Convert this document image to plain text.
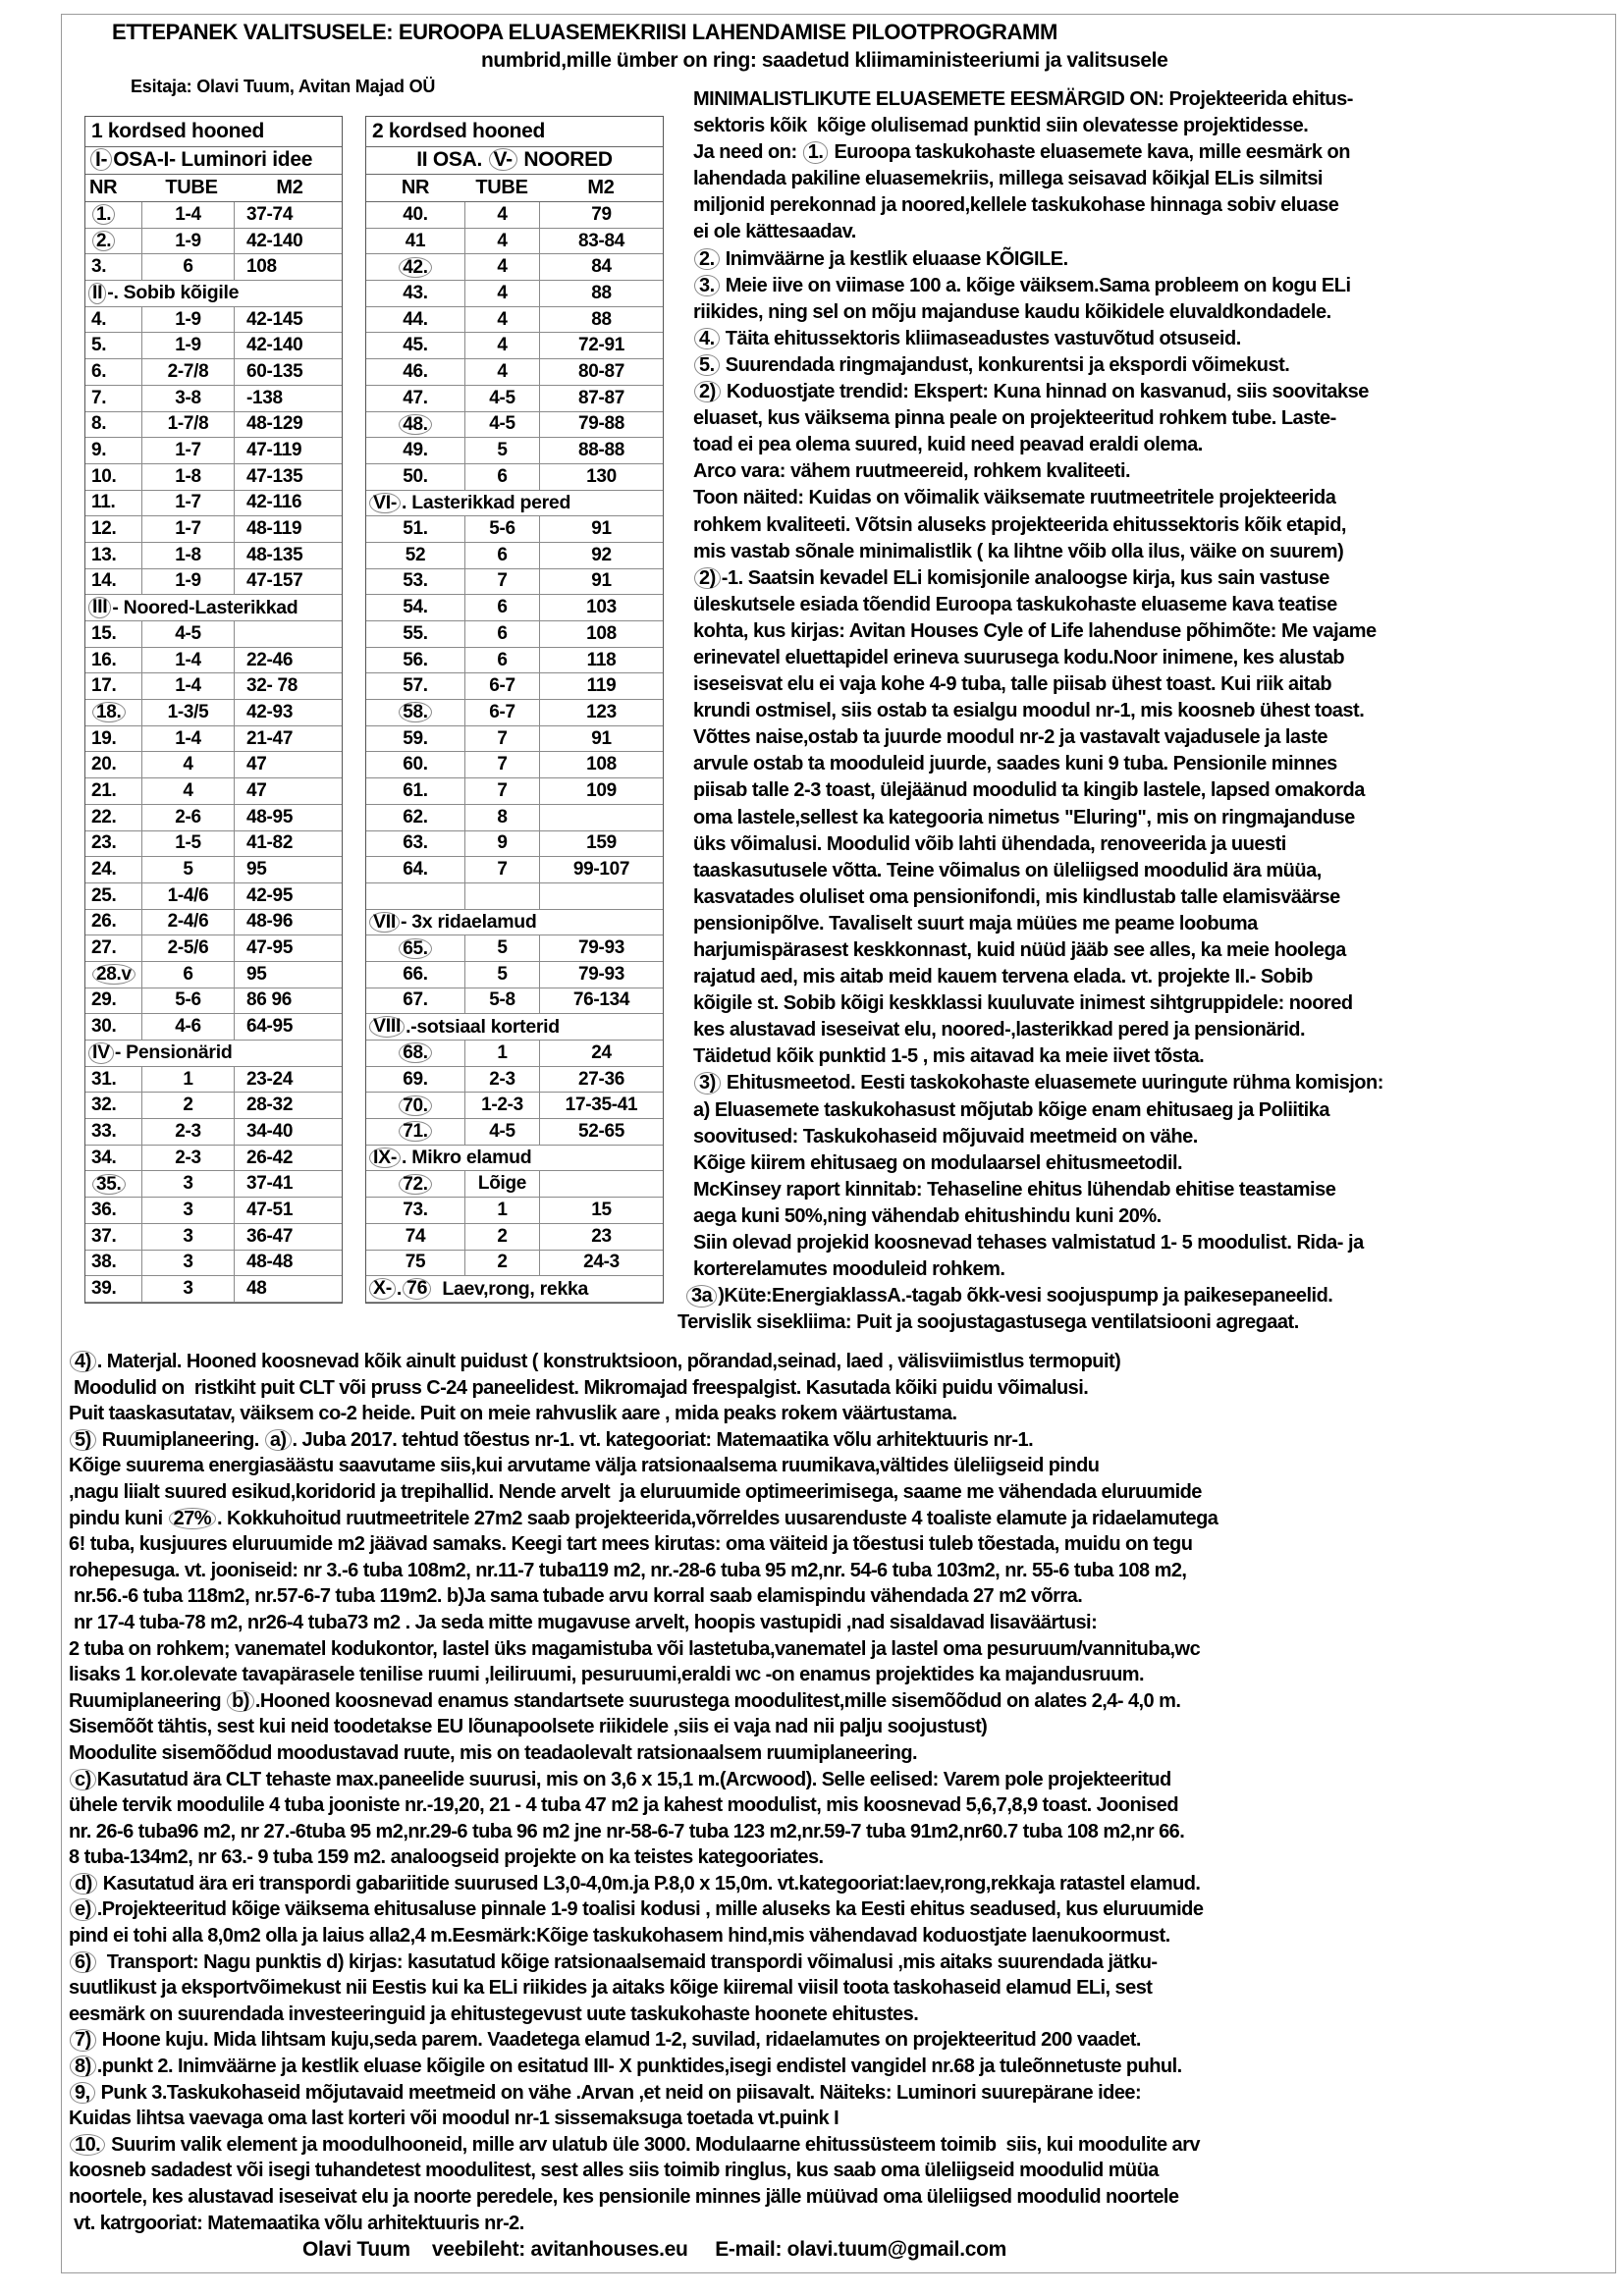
ETTEPANEK VALITSUSELE: EUROOPA ELUASEMEKRIISI LAHENDAMISE PILOOTPROGRAMM
numbrid,mille ümber on ring: saadetud kliimaministeeriumi ja valitsusele
Esitaja: Olavi Tuum, Avitan Majad OÜ
1 kordsed hooned
I- OSA-I- Luminori idee
NR	TUBE	M2
1.	1-4	37-74
2.	1-9	42-140
3.	6	108
II -. Sobib kõigile
4.	1-9	42-145
5.	1-9	42-140
6.	2-7/8	60-135
7.	3-8	-138
8.	1-7/8	48-129
9.	1-7	47-119
10.	1-8	47-135
11.	1-7	42-116
12.	1-7	48-119
13.	1-8	48-135
14.	1-9	47-157
III - Noored-Lasterikkad
15.	4-5
16.	1-4	22-46
17.	1-4	32- 78
18.	1-3/5	42-93
19.	1-4	21-47
20.	4	47
21.	4	47
22.	2-6	48-95
23.	1-5	41-82
24.	5	95
25.	1-4/6	42-95
26.	2-4/6	48-96
27.	2-5/6	47-95
28.v	6	95
29.	5-6	86 96
30.	4-6	64-95
IV - Pensionärid
31.	1	23-24
32.	2	28-32
33.	2-3	34-40
34.	2-3	26-42
35.	3	37-41
36.	3	47-51
37.	3	36-47
38.	3	48-48
39.	3	48
2 kordsed hooned
II OSA. V- NOORED
NR	TUBE	M2
40.	4	79
41	4	83-84
42.	4	84
43.	4	88
44.	4	88
45.	4	72-91
46.	4	80-87
47.	4-5	87-87
48.	4-5	79-88
49.	5	88-88
50.	6	130
VI- . Lasterikkad pered
51.	5-6	91
52	6	92
53.	7	91
54.	6	103
55.	6	108
56.	6	118
57.	6-7	119
58.	6-7	123
59.	7	91
60.	7	108
61.	7	109
62.	8
63.	9	159
64.	7	99-107
VII - 3x ridaelamud
65.	5	79-93
66.	5	79-93
67.	5-8	76-134
VIII .-sotsiaal korterid
68.	1	24
69.	2-3	27-36
70.	1-2-3	17-35-41
71.	4-5	52-65
IX- . Mikro elamud
72.	Lõige
73.	1	15
74	2	23
75	2	24-3
X- . 76 Laev,rong, rekka
MINIMALISTLIKUTE ELUASEMETE EESMÄRGID ON: Projekteerida ehitus-
sektoris kõik  kõige olulisemad punktid siin olevatesse projektidesse.
Ja need on: 1. Euroopa taskukohaste eluasemete kava, mille eesmärk on
lahendada pakiline eluasemekriis, millega seisavad kõikjal ELis silmitsi
miljonid perekonnad ja noored,kellele taskukohase hinnaga sobiv eluase
ei ole kättesaadav.
2. Inimväärne ja kestlik eluaase KÕIGILE.
3. Meie iive on viimase 100 a. kõige väiksem.Sama probleem on kogu ELi
riikides, ning sel on mõju majanduse kaudu kõikidele eluvaldkondadele.
4. Täita ehitussektoris kliimaseadustes vastuvõtud otsuseid.
5. Suurendada ringmajandust, konkurentsi ja ekspordi võimekust.
2) Koduostjate trendid: Ekspert: Kuna hinnad on kasvanud, siis soovitakse
eluaset, kus väiksema pinna peale on projekteeritud rohkem tube. Laste-
toad ei pea olema suured, kuid need peavad eraldi olema.
Arco vara: vähem ruutmeereid, rohkem kvaliteeti.
Toon näited: Kuidas on võimalik väiksemate ruutmeetritele projekteerida
rohkem kvaliteeti. Võtsin aluseks projekteerida ehitussektoris kõik etapid,
mis vastab sõnale minimalistlik ( ka lihtne võib olla ilus, väike on suurem)
2) -1. Saatsin kevadel ELi komisjonile analoogse kirja, kus sain vastuse
üleskutsele esiada tõendid Euroopa taskukohaste eluaseme kava teatise
kohta, kus kirjas: Avitan Houses Cyle of Life lahenduse põhimõte: Me vajame
erinevatel eluettapidel erineva suurusega kodu.Noor inimene, kes alustab
iseseisvat elu ei vaja kohe 4-9 tuba, talle piisab ühest toast. Kui riik aitab
krundi ostmisel, siis ostab ta esialgu moodul nr-1, mis koosneb ühest toast.
Võttes naise,ostab ta juurde moodul nr-2 ja vastavalt vajadusele ja laste
arvule ostab ta mooduleid juurde, saades kuni 9 tuba. Pensionile minnes
piisab talle 2-3 toast, ülejäänud moodulid ta kingib lastele, lapsed omakorda
oma lastele,sellest ka kategooria nimetus "Eluring", mis on ringmajanduse
üks võimalusi. Moodulid võib lahti ühendada, renoveerida ja uuesti
taaskasutusele võtta. Teine võimalus on üleliigsed moodulid ära müüa,
kasvatades oluliset oma pensionifondi, mis kindlustab talle elamisväärse
pensionipõlve. Tavaliselt suurt maja müües me peame loobuma
harjumispärasest keskkonnast, kuid nüüd jääb see alles, ka meie hoolega
rajatud aed, mis aitab meid kauem tervena elada. vt. projekte II.- Sobib
kõigile st. Sobib kõigi keskklassi kuuluvate inimest sihtgruppidele: noored
kes alustavad iseseivat elu, noored-,lasterikkad pered ja pensionärid.
Täidetud kõik punktid 1-5 , mis aitavad ka meie iivet tõsta.
3) Ehitusmeetod. Eesti taskokohaste eluasemete uuringute rühma komisjon:
a) Eluasemete taskukohasust mõjutab kõige enam ehitusaeg ja Poliitika
soovitused: Taskukohaseid mõjuvaid meetmeid on vähe.
Kõige kiirem ehitusaeg on modulaarsel ehitusmeetodil.
McKinsey raport kinnitab: Tehaseline ehitus lühendab ehitise teastamise
aega kuni 50%,ning vähendab ehitushindu kuni 20%.
Siin olevad projekid koosnevad tehases valmistatud 1- 5 moodulist. Rida- ja
korterelamutes mooduleid rohkem.
3a )Küte:EnergiaklassA.-tagab õkk-vesi soojuspump ja paikesepaneelid.
Tervislik sisekliima: Puit ja soojustagastusega ventilatsiooni agregaat.
4) . Materjal. Hooned koosnevad kõik ainult puidust ( konstruktsioon, põrandad,seinad, laed , välisviimistlus termopuit)
Moodulid on  ristkiht puit CLT või pruss C-24 paneelidest. Mikromajad freespalgist. Kasutada kõiki puidu võimalusi.
Puit taaskasutatav, väiksem co-2 heide. Puit on meie rahvuslik aare , mida peaks rokem väärtustama.
5) Ruumiplaneering. a) . Juba 2017. tehtud tõestus nr-1. vt. kategooriat: Matemaatika võlu arhitektuuris nr-1.
Kõige suurema energiasäästu saavutame siis,kui arvutame välja ratsionaalsema ruumikava,vältides üleliigseid pindu
,nagu liialt suured esikud,koridorid ja trepihallid. Nende arvelt  ja eluruumide optimeerimisega, saame me vähendada eluruumide
pindu kuni 27% . Kokkuhoitud ruutmeetritele 27m2 saab projekteerida,võrreldes uusarenduste 4 toaliste elamute ja ridaelamutega
6! tuba, kusjuures eluruumide m2 jäävad samaks. Keegi tart mees kirutas: oma väiteid ja tõestusi tuleb tõestada, muidu on tegu
rohepesuga. vt. jooniseid: nr 3.-6 tuba 108m2, nr.11-7 tuba119 m2, nr.-28-6 tuba 95 m2,nr. 54-6 tuba 103m2, nr. 55-6 tuba 108 m2,
nr.56.-6 tuba 118m2, nr.57-6-7 tuba 119m2. b)Ja sama tubade arvu korral saab elamispindu vähendada 27 m2 võrra.
nr 17-4 tuba-78 m2, nr26-4 tuba73 m2 . Ja seda mitte mugavuse arvelt, hoopis vastupidi ,nad sisaldavad lisaväärtusi:
2 tuba on rohkem; vanematel kodukontor, lastel üks magamistuba või lastetuba,vanematel ja lastel oma pesuruum/vannituba,wc
lisaks 1 kor.olevate tavapärasele tenilise ruumi ,leiliruumi, pesuruumi,eraldi wc -on enamus projektides ka majandusruum.
Ruumiplaneering b) .Hooned koosnevad enamus standartsete suurustega moodulitest,mille sisemõõdud on alates 2,4- 4,0 m.
Sisemõõt tähtis, sest kui neid toodetakse EU lõunapoolsete riikidele ,siis ei vaja nad nii palju soojustust)
Moodulite sisemõõdud moodustavad ruute, mis on teadaolevalt ratsionaalsem ruumiplaneering.
c) Kasutatud ära CLT tehaste max.paneelide suurusi, mis on 3,6 x 15,1 m.(Arcwood). Selle eelised: Varem pole projekteeritud
ühele tervik moodulile 4 tuba jooniste nr.-19,20, 21 - 4 tuba 47 m2 ja kahest moodulist, mis koosnevad 5,6,7,8,9 toast. Joonised
nr. 26-6 tuba96 m2, nr 27.-6tuba 95 m2,nr.29-6 tuba 96 m2 jne nr-58-6-7 tuba 123 m2,nr.59-7 tuba 91m2,nr60.7 tuba 108 m2,nr 66.
8 tuba-134m2, nr 63.- 9 tuba 159 m2. analoogseid projekte on ka teistes kategooriates.
d) Kasutatud ära eri transpordi gabariitide suurused L3,0-4,0m.ja P.8,0 x 15,0m. vt.kategooriat:laev,rong,rekkaja ratastel elamud.
e) .Projekteeritud kõige väiksema ehitusaluse pinnale 1-9 toalisi kodusi , mille aluseks ka Eesti ehitus seadused, kus eluruumide
pind ei tohi alla 8,0m2 olla ja laius alla2,4 m.Eesmärk:Kõige taskukohasem hind,mis vähendavad koduostjate laenukoormust.
6)  Transport: Nagu punktis d) kirjas: kasutatud kõige ratsionaalsemaid transpordi võimalusi ,mis aitaks suurendada jätku-
suutlikust ja eksportvõimekust nii Eestis kui ka ELi riikides ja aitaks kõige kiiremal viisil toota taskohaseid elamud ELi, sest
eesmärk on suurendada investeeringuid ja ehitustegevust uute taskukohaste hoonete ehitustes.
7) Hoone kuju. Mida lihtsam kuju,seda parem. Vaadetega elamud 1-2, suvilad, ridaelamutes on projekteeritud 200 vaadet.
8) .punkt 2. Inimväärne ja kestlik eluase kõigile on esitatud III- X punktides,isegi endistel vangidel nr.68 ja tuleõnnetuste puhul.
9, Punk 3.Taskukohaseid mõjutavaid meetmeid on vähe .Arvan ,et neid on piisavalt. Näiteks: Luminori suurepärane idee:
Kuidas lihtsa vaevaga oma last korteri või moodul nr-1 sissemaksuga toetada vt.puink I
10. Suurim valik element ja moodulhooneid, mille arv ulatub üle 3000. Modulaarne ehitussüsteem toimib  siis, kui moodulite arv
koosneb sadadest või isegi tuhandetest moodulitest, sest alles siis toimib ringlus, kus saab oma üleliigseid moodulid müüa
noortele, kes alustavad iseseivat elu ja noorte peredele, kes pensionile minnes jälle müüvad oma üleliigsed moodulid noortele
vt. katrgooriat: Matemaatika võlu arhitektuuris nr-2.
Olavi Tuum    veebileht: avitanhouses.eu     E-mail: olavi.tuum@gmail.com
